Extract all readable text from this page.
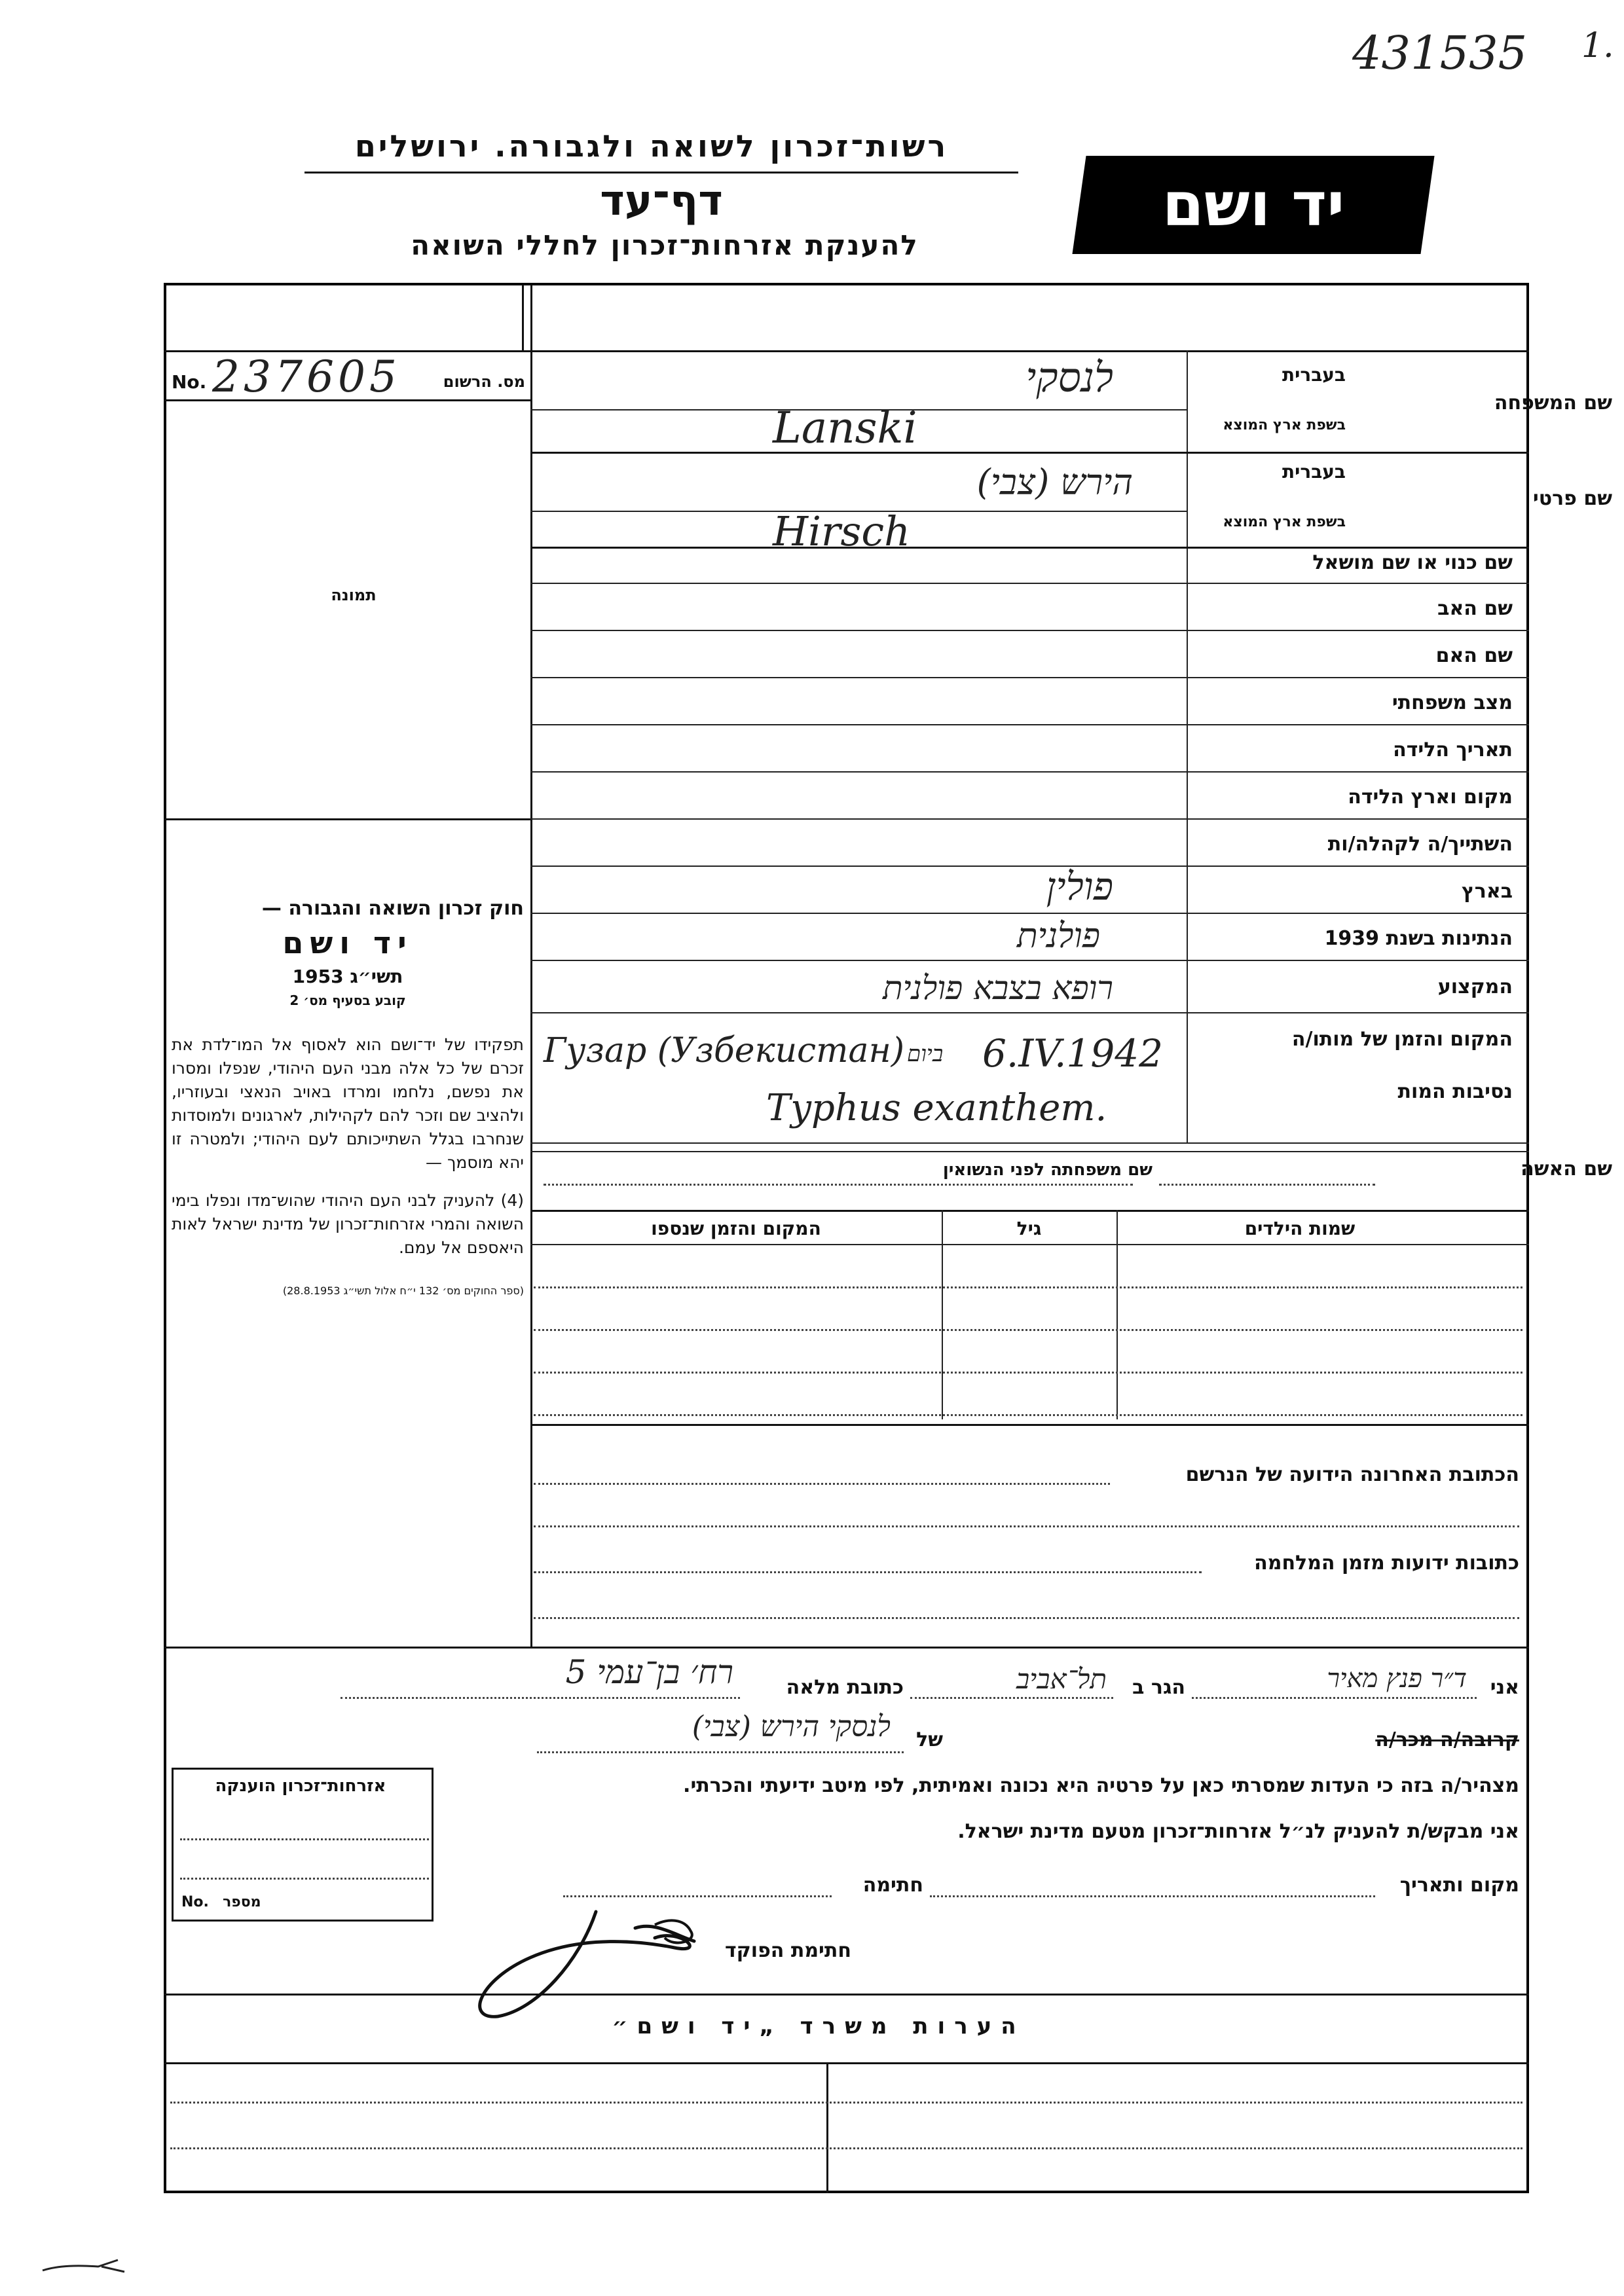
431535 1.
רשות־זכרון לשואה ולגבורה. ירושלים
דף־עד
להענקת אזרחות־זכרון לחללי השואה
יד ושם
No. 237605	מס. הרשום
תמונה

חוק זכרון השואה והגבורה —

יד ושם

תשי״ג 1953

קובע בסעיף מס׳ 2

תפקידו של יד־ושם הוא לאסוף אל המו־לדת את זכרם של כל אלה מבני העם היהודי, שנפלו ומסרו את נפשם, נלחמו ומרדו באויב הנאצי ובעוזריו, ולהציב שם וזכר להם לקהילות, לארגונים ולמוסדות שנחרבו בגלל השתייכותם לעם היהודי; ולמטרה זו יהא מוסמך —

(4) להעניק לבני העם היהודי שהוש־מדו ונפלו בימי השואה והמרי אזרחות־זכרון של מדינת ישראל לאות היאספם אל עמם.

(ספר החוקים מס׳ 132 י״ח אלול תשי״ג 28.8.1953)

בעברית
בשפת ארץ המוצא
שם המשפחה
לנסקי
Lanski
בעברית
בשפת ארץ המוצא
שם פרטי
הירש (צבי)
Hirsch
שם כנוי או שם מושאל
שם האב
שם האם
מצב משפחתי
תאריך הלידה
מקום וארץ הלידה
השתייך/ה לקהלה/ות
בארץ
פולין
הנתינות בשנת 1939
פולנית
המקצוע
רופא בצבא פולנית
המקום והזמן של מותו/ה
Гузар (Узбекистан) ביום 6.IV.1942
נסיבות המות
Typhus exanthem.
שם האשה
שם משפחתה לפני הנשואין
שמות הילדים
גיל
המקום והזמן שנספו
הכתובת האחרונה הידועה של הנרשם
כתובות ידועות מזמן המלחמה
אני
ד״ר פנץ מאיר
הגר ב
תל־אביב
כתובת מלאה
רח׳ בן־עמי 5
קרובה/ה מכר/ה
של
לנסקי הירש (צבי)
מצהיר/ה בזה כי העדות שמסרתי כאן על פרטיה היא נכונה ואמיתית, לפי מיטב ידיעתי והכרתי.
אני מבקש/ת להעניק לנ״ל אזרחות־זכרון מטעם מדינת ישראל.
מקום ותאריך
חתימה
חתימת הפוקד
אזרחות־זכרון הוענקה
No. מספר
הערות משרד „יד ושם״
